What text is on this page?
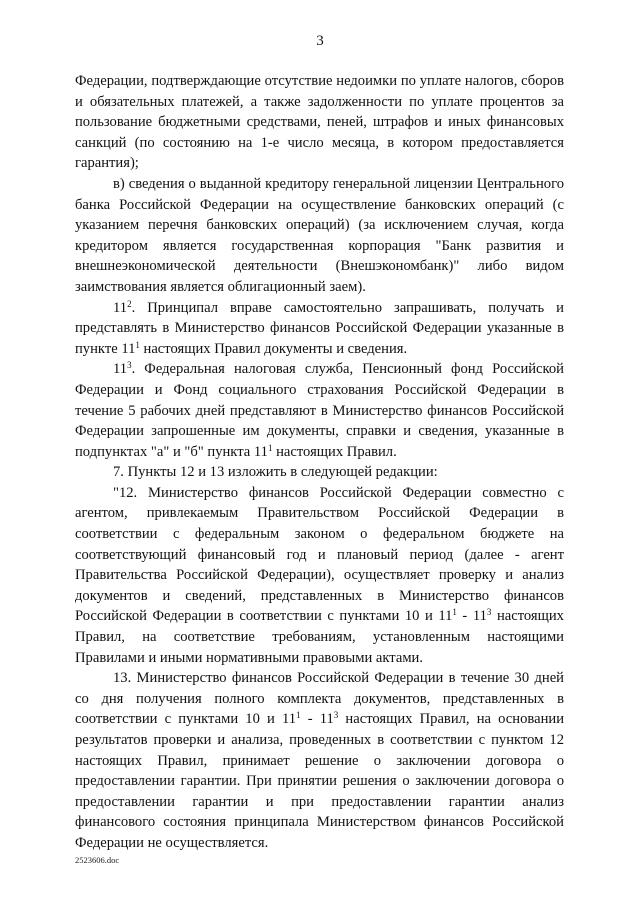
3

Федерации, подтверждающие отсутствие недоимки по уплате налогов, сборов и обязательных платежей, а также задолженности по уплате процентов за пользование бюджетными средствами, пеней, штрафов и иных финансовых санкций (по состоянию на 1-е число месяца, в котором предоставляется гарантия);

в) сведения о выданной кредитору генеральной лицензии Центрального банка Российской Федерации на осуществление банковских операций (с указанием перечня банковских операций) (за исключением случая, когда кредитором является государственная корпорация "Банк развития и внешнеэкономической деятельности (Внешэкономбанк)" либо видом заимствования является облигационный заем).

$11^2$. Принципал вправе самостоятельно запрашивать, получать и представлять в Министерство финансов Российской Федерации указанные в пункте $11^1$ настоящих Правил документы и сведения.

$11^3$. Федеральная налоговая служба, Пенсионный фонд Российской Федерации и Фонд социального страхования Российской Федерации в течение 5 рабочих дней представляют в Министерство финансов Российской Федерации запрошенные им документы, справки и сведения, указанные в подпунктах "а" и "б" пункта $11^1$ настоящих Правил.

7. Пункты 12 и 13 изложить в следующей редакции:

"12. Министерство финансов Российской Федерации совместно с агентом, привлекаемым Правительством Российской Федерации в соответствии с федеральным законом о федеральном бюджете на соответствующий финансовый год и плановый период (далее - агент Правительства Российской Федерации), осуществляет проверку и анализ документов и сведений, представленных в Министерство финансов Российской Федерации в соответствии с пунктами 10 и $11^1 - 11^3$ настоящих Правил, на соответствие требованиям, установленным настоящими Правилами и иными нормативными правовыми актами.

13. Министерство финансов Российской Федерации в течение 30 дней со дня получения полного комплекта документов, представленных в соответствии с пунктами 10 и $11^1 - 11^3$ настоящих Правил, на основании результатов проверки и анализа, проведенных в соответствии с пунктом 12 настоящих Правил, принимает решение о заключении договора о предоставлении гарантии. При принятии решения о заключении договора о предоставлении гарантии и при предоставлении гарантии анализ финансового состояния принципала Министерством финансов Российской Федерации не осуществляется.

2523606.doc
